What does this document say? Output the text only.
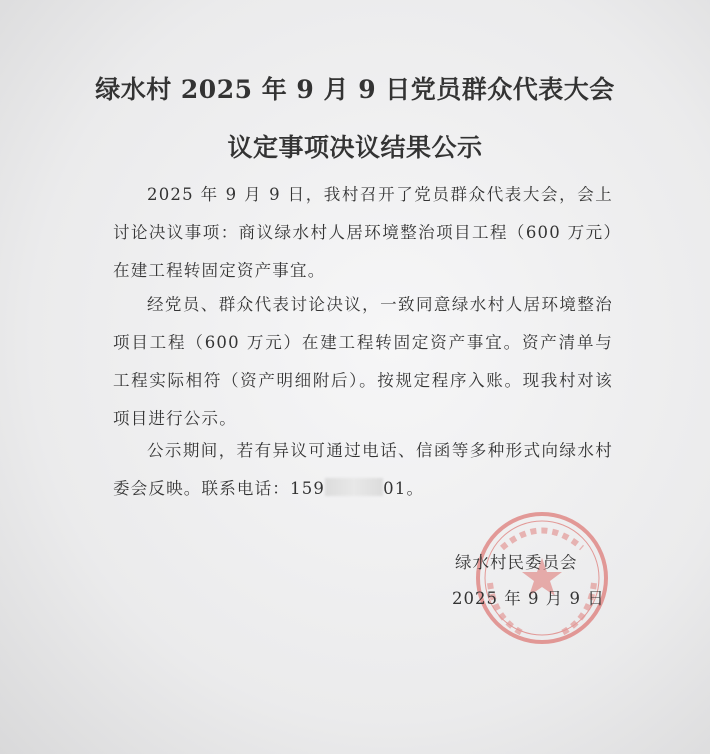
绿水村 2025 年 9 月 9 日党员群众代表大会
议定事项决议结果公示
2025 年 9 月 9 日，我村召开了党员群众代表大会，会上讨论决议事项：商议绿水村人居环境整治项目工程（600 万元）在建工程转固定资产事宜。
经党员、群众代表讨论决议，一致同意绿水村人居环境整治项目工程（600 万元）在建工程转固定资产事宜。资产清单与工程实际相符（资产明细附后）。按规定程序入账。现我村对该项目进行公示。
公示期间，若有异议可通过电话、信函等多种形式向绿水村委会反映。联系电话：159	01。
绿水村民委员会
2025 年 9 月 9 日
